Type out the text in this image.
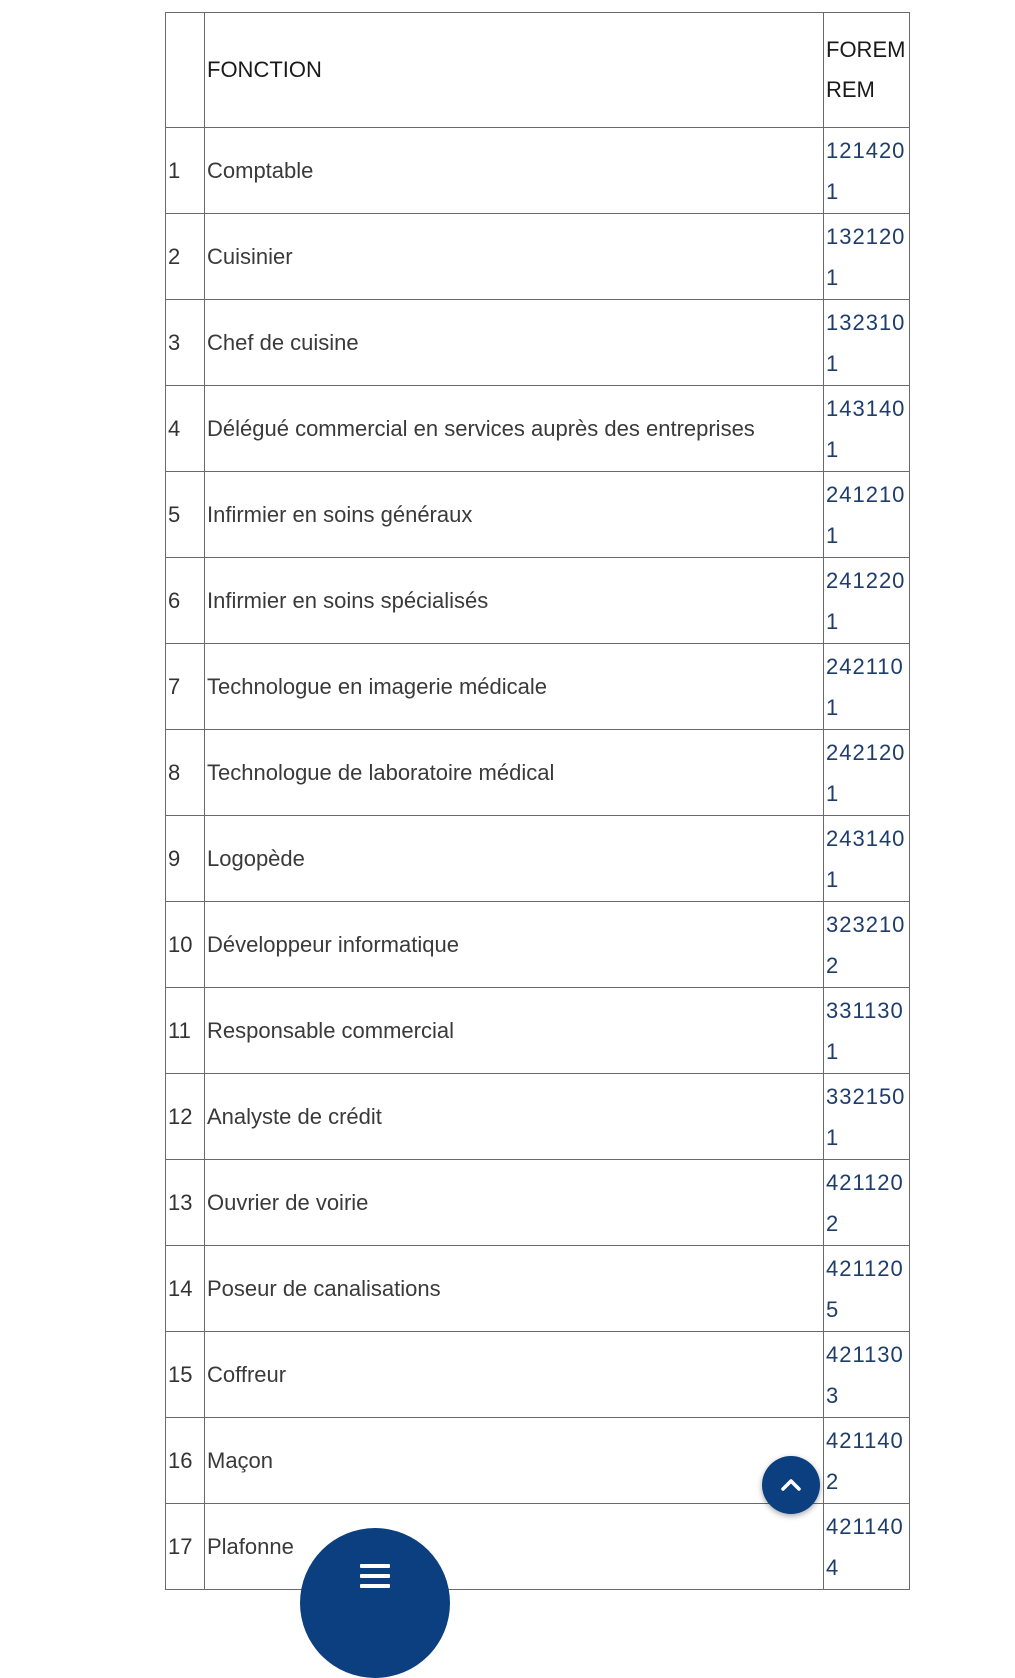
	FONCTION	FOREM REM
1	Comptable	1214201
2	Cuisinier	1321201
3	Chef de cuisine	1323101
4	Délégué commercial en services auprès des entreprises	1431401
5	Infirmier en soins généraux	2412101
6	Infirmier en soins spécialisés	2412201
7	Technologue en imagerie médicale	2421101
8	Technologue de laboratoire médical	2421201
9	Logopède	2431401
10	Développeur informatique	3232102
11	Responsable commercial	3311301
12	Analyste de crédit	3321501
13	Ouvrier de voirie	4211202
14	Poseur de canalisations	4211205
15	Coffreur	4211303
16	Maçon	4211402
17	Plafonne	4211404
